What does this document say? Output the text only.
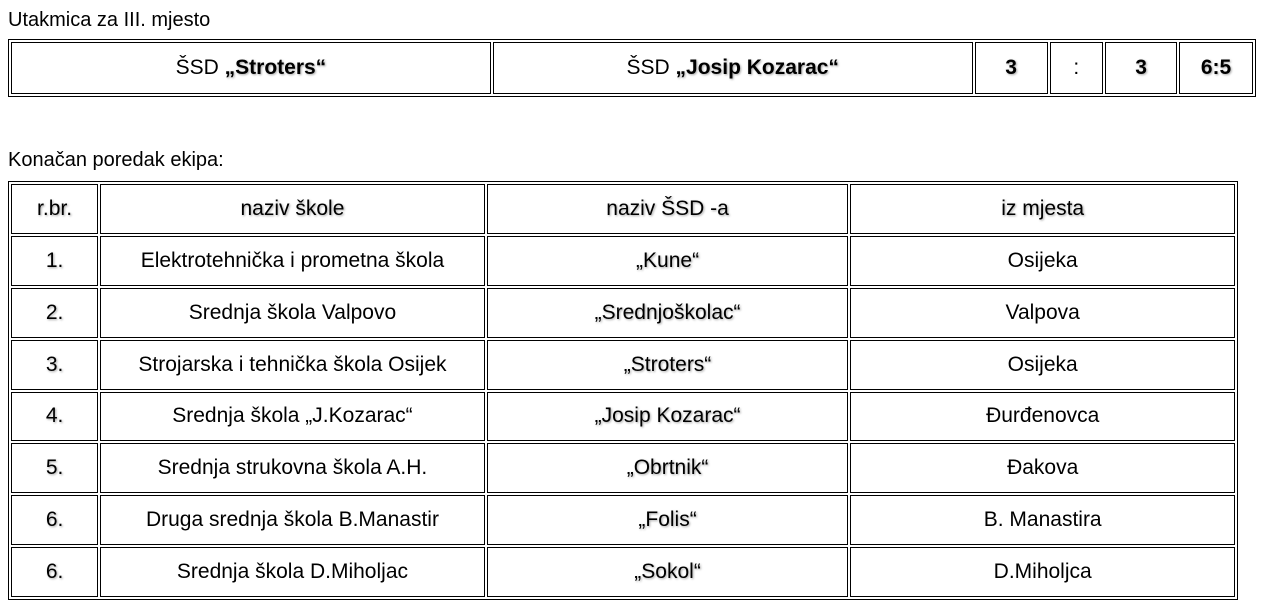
Utakmica za III. mjesto
ŠSD „Stroters“	ŠSD „Josip Kozarac“	3	:	3	6:5
Konačan poredak ekipa:
r.br.	naziv škole	naziv ŠSD -a	iz mjesta
1.	Elektrotehnička i prometna škola	„Kune“	Osijeka
2.	Srednja škola Valpovo	„Srednjoškolac“	Valpova
3.	Strojarska i tehnička škola Osijek	„Stroters“	Osijeka
4.	Srednja škola „J.Kozarac“	„Josip Kozarac“	Đurđenovca
5.	Srednja strukovna škola A.H.	„Obrtnik“	Đakova
6.	Druga srednja škola B.Manastir	„Folis“	B. Manastira
6.	Srednja škola D.Miholjac	„Sokol“	D.Miholjca
